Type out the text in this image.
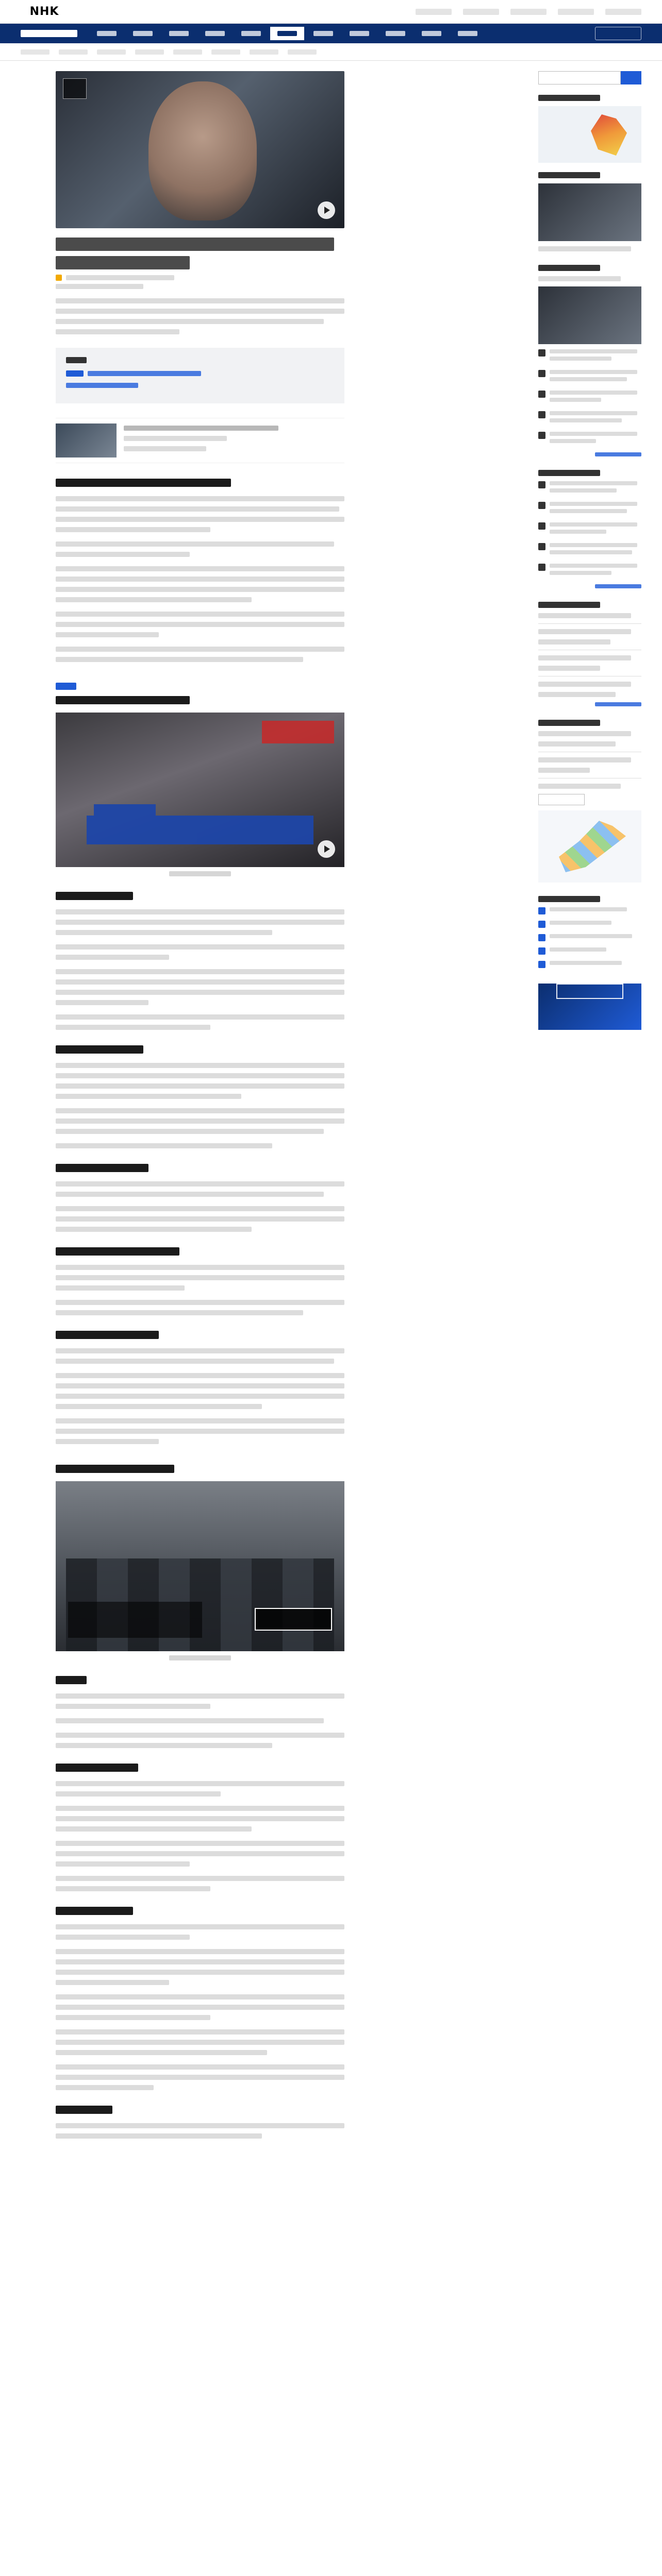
NHK
